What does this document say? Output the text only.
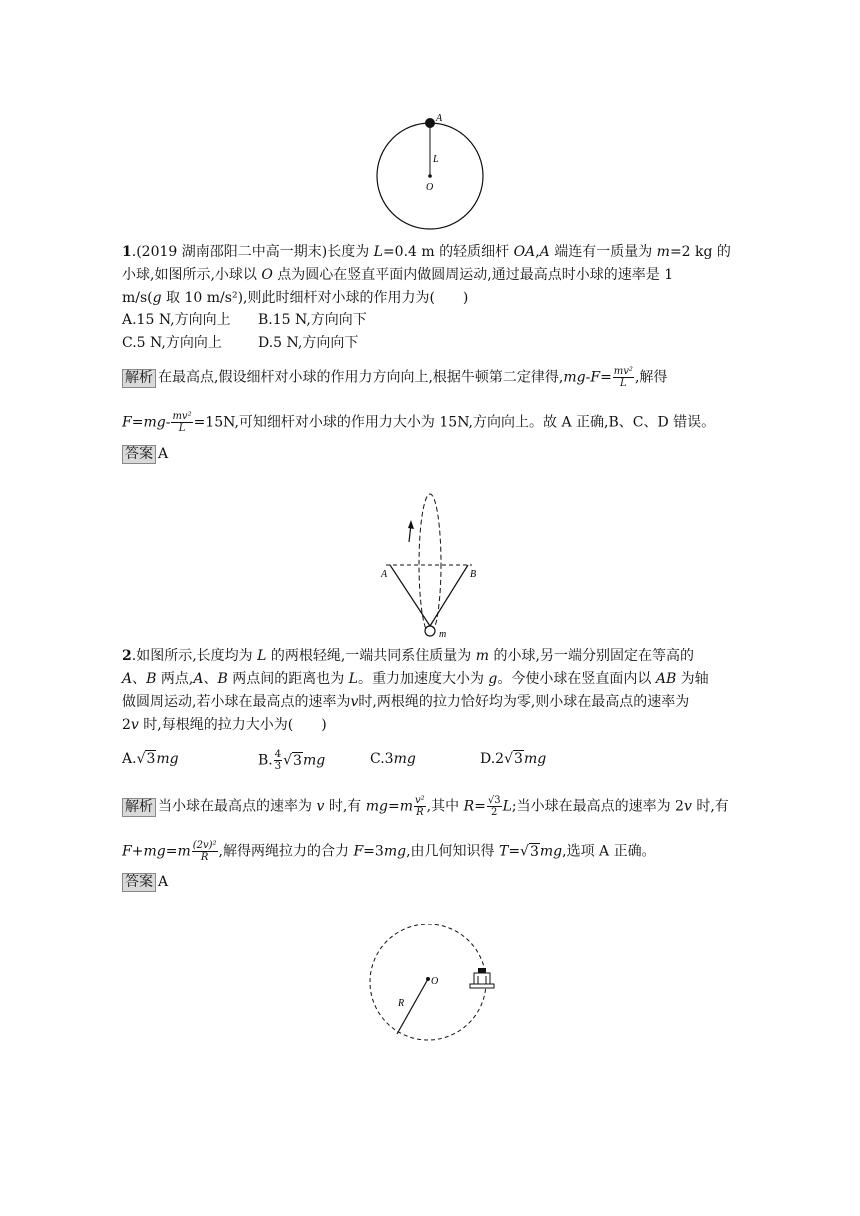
A
L
O
1.(2019 湖南邵阳二中高一期末)长度为 L=0.4 m 的轻质细杆 OA,A 端连有一质量为 m=2 kg 的
小球,如图所示,小球以 O 点为圆心在竖直平面内做圆周运动,通过最高点时小球的速率是 1
m/s(g 取 10 m/s²),则此时细杆对小球的作用力为(　　)
A.15 N,方向向上 B.15 N,方向向下
C.5 N,方向向上	D.5 N,方向向下
解析 在最高点,假设细杆对小球的作用力方向向上,根据牛顿第二定律得$,mg-F= \frac{\text{mv²}}{L}$ ,解得
$F=mg- \frac{\text{mv²}}{L} =15N$,可知细杆对小球的作用力大小为 15N,方向向上。故 A 正确,B、C、D 错误。
答案 A
A	B
m
2.如图所示,长度均为 L 的两根轻绳,一端共同系住质量为 m 的小球,另一端分别固定在等高的
A、B 两点,A、B 两点间的距离也为 L。重力加速度大小为 g。今使小球在竖直面内以 AB 为轴
做圆周运动,若小球在最高点的速率为v时,两根绳的拉力恰好均为零,则小球在最高点的速率为
2v 时,每根绳的拉力大小为(　　)
A.√3mg	B. $\frac{4}{3} √3mg$	C.3mg	D.2√3mg
解析 当小球在最高点的速率为 v 时,有 $mg=m \frac{\text{v²}}{R}$ ,其中 $R= \frac{√3}{2} L$;当小球在最高点的速率为 2v 时,有
$F+mg=m \frac{\text{(2v)²}}{R}$ ,解得两绳拉力的合力 F=3mg,由几何知识得 T=√3mg,选项 A 正确。
答案 A
O
R
